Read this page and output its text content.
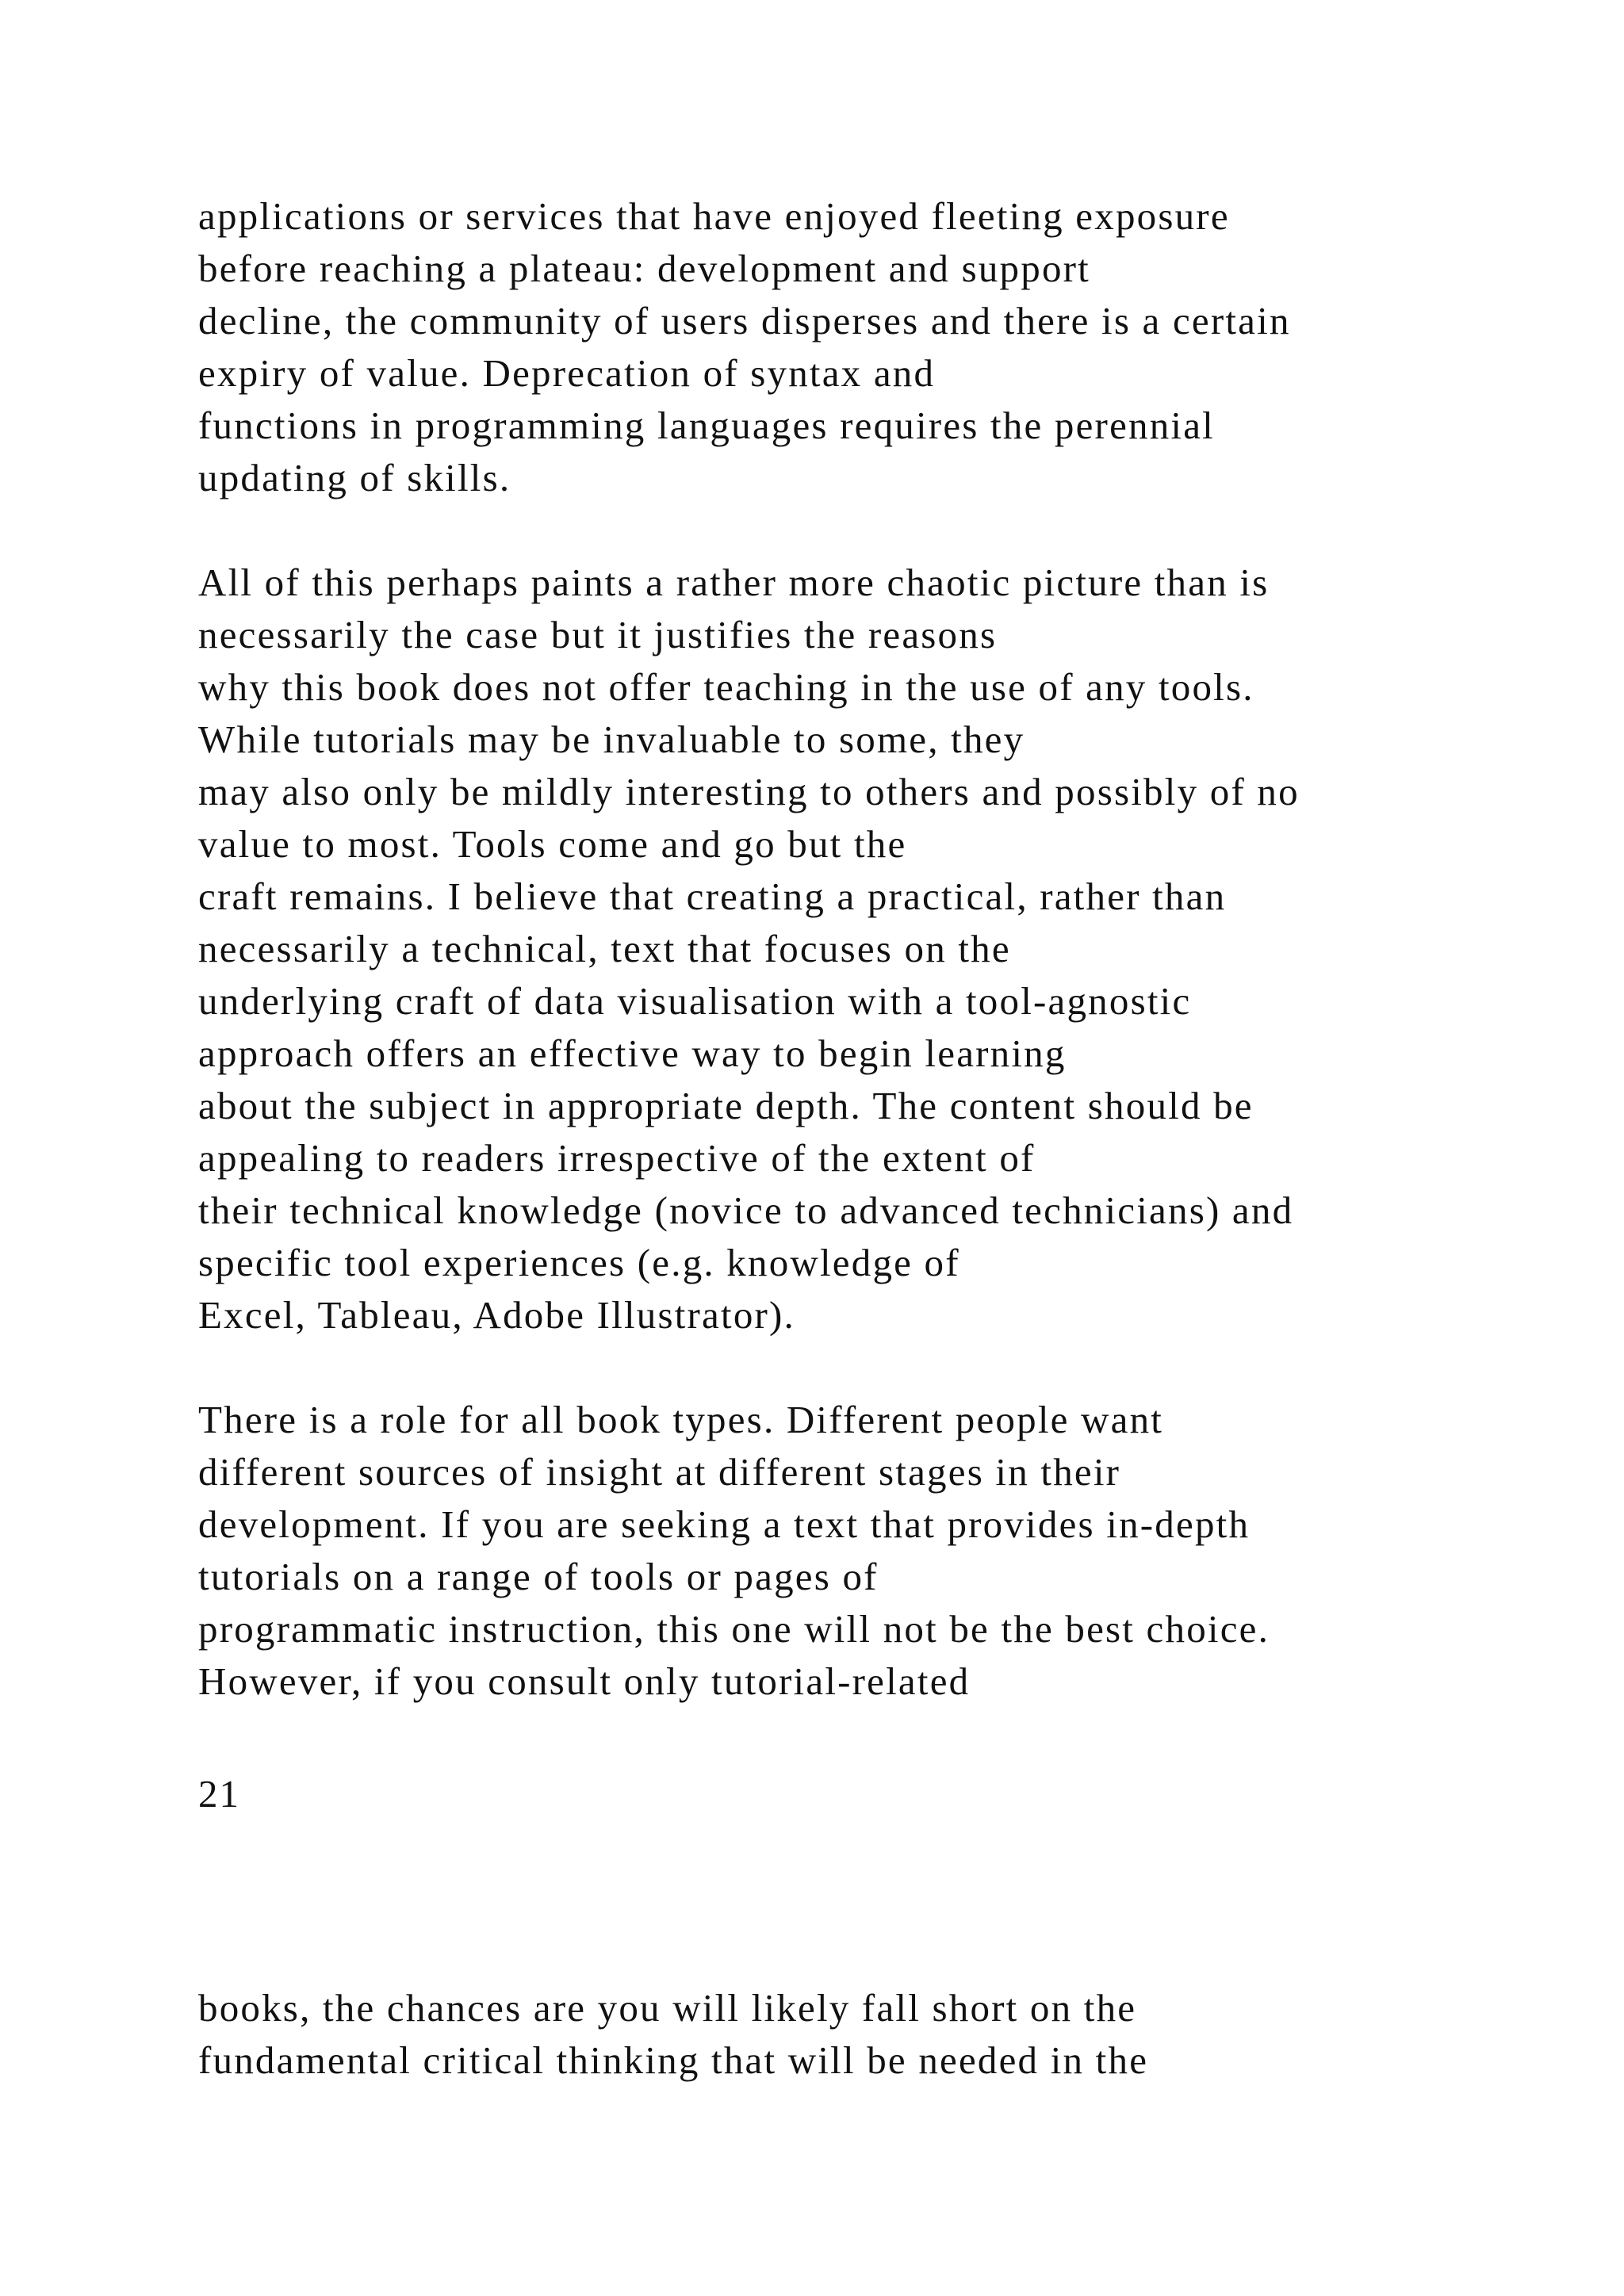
applications or services that have enjoyed fleeting exposure
before reaching a plateau: development and support
decline, the community of users disperses and there is a certain
expiry of value. Deprecation of syntax and
functions in programming languages requires the perennial
updating of skills.
All of this perhaps paints a rather more chaotic picture than is
necessarily the case but it justifies the reasons
why this book does not offer teaching in the use of any tools.
While tutorials may be invaluable to some, they
may also only be mildly interesting to others and possibly of no
value to most. Tools come and go but the
craft remains. I believe that creating a practical, rather than
necessarily a technical, text that focuses on the
underlying craft of data visualisation with a tool-agnostic
approach offers an effective way to begin learning
about the subject in appropriate depth. The content should be
appealing to readers irrespective of the extent of
their technical knowledge (novice to advanced technicians) and
specific tool experiences (e.g. knowledge of
Excel, Tableau, Adobe Illustrator).
There is a role for all book types. Different people want
different sources of insight at different stages in their
development. If you are seeking a text that provides in-depth
tutorials on a range of tools or pages of
programmatic instruction, this one will not be the best choice.
However, if you consult only tutorial-related
21
books, the chances are you will likely fall short on the
fundamental critical thinking that will be needed in the
